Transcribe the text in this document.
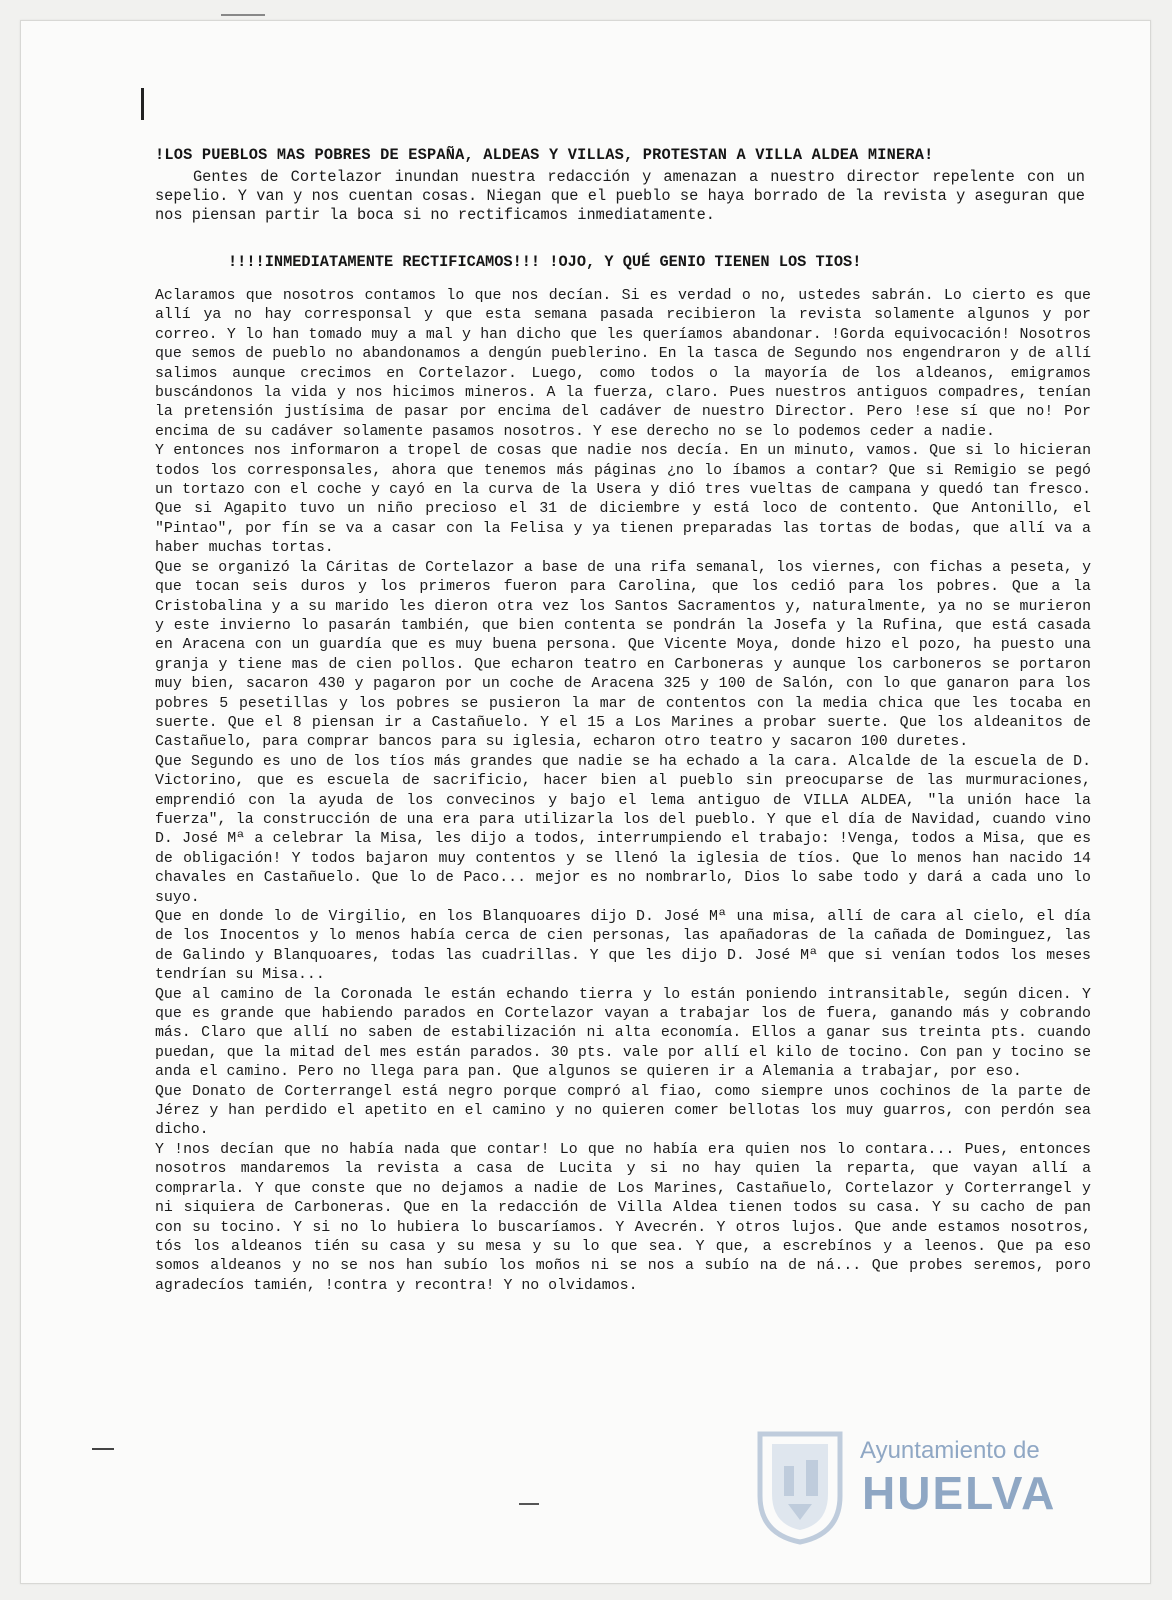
!LOS PUEBLOS MAS POBRES DE ESPAÑA, ALDEAS Y VILLAS, PROTESTAN A VILLA ALDEA MINERA!
Gentes de Cortelazor inundan nuestra redacción y amenazan a nuestro director repelente con un sepelio. Y van y nos cuentan cosas. Niegan que el pueblo se haya borrado de la revista y aseguran que nos piensan partir la boca si no rectificamos inmediatamente.
!!!!INMEDIATAMENTE RECTIFICAMOS!!! !OJO, Y QUÉ GENIO TIENEN LOS TIOS!

Aclaramos que nosotros contamos lo que nos decían. Si es verdad o no, ustedes sabrán. Lo cierto es que allí ya no hay corresponsal y que esta semana pasada recibieron la revista solamente algunos y por correo. Y lo han tomado muy a mal y han dicho que les queríamos abandonar. !Gorda equivocación! Nosotros que semos de pueblo no abandonamos a dengún pueblerino. En la tasca de Segundo nos engendraron y de allí salimos aunque crecimos en Cortelazor. Luego, como todos o la mayoría de los aldeanos, emigramos buscándonos la vida y nos hicimos mineros. A la fuerza, claro. Pues nuestros antiguos compadres, tenían la pretensión justísima de pasar por encima del cadáver de nuestro Director. Pero !ese sí que no! Por encima de su cadáver solamente pasamos nosotros. Y ese derecho no se lo podemos ceder a nadie.

Y entonces nos informaron a tropel de cosas que nadie nos decía. En un minuto, vamos. Que si lo hicieran todos los corresponsales, ahora que tenemos más páginas ¿no lo íbamos a contar? Que si Remigio se pegó un tortazo con el coche y cayó en la curva de la Usera y dió tres vueltas de campana y quedó tan fresco. Que si Agapito tuvo un niño precioso el 31 de diciembre y está loco de contento. Que Antonillo, el "Pintao", por fín se va a casar con la Felisa y ya tienen preparadas las tortas de bodas, que allí va a haber muchas tortas.

Que se organizó la Cáritas de Cortelazor a base de una rifa semanal, los viernes, con fichas a peseta, y que tocan seis duros y los primeros fueron para Carolina, que los cedió para los pobres. Que a la Cristobalina y a su marido les dieron otra vez los Santos Sacramentos y, naturalmente, ya no se murieron y este invierno lo pasarán también, que bien contenta se pondrán la Josefa y la Rufina, que está casada en Aracena con un guardía que es muy buena persona. Que Vicente Moya, donde hizo el pozo, ha puesto una granja y tiene mas de cien pollos. Que echaron teatro en Carboneras y aunque los carboneros se portaron muy bien, sacaron 430 y pagaron por un coche de Aracena 325 y 100 de Salón, con lo que ganaron para los pobres 5 pesetillas y los pobres se pusieron la mar de contentos con la media chica que les tocaba en suerte. Que el 8 piensan ir a Castañuelo. Y el 15 a Los Marines a probar suerte. Que los aldeanitos de Castañuelo, para comprar bancos para su iglesia, echaron otro teatro y sacaron 100 duretes.

Que Segundo es uno de los tíos más grandes que nadie se ha echado a la cara. Alcalde de la escuela de D. Victorino, que es escuela de sacrificio, hacer bien al pueblo sin preocuparse de las murmuraciones, emprendió con la ayuda de los convecinos y bajo el lema antiguo de VILLA ALDEA, "la unión hace la fuerza", la construcción de una era para utilizarla los del pueblo. Y que el día de Navidad, cuando vino D. José Mª a celebrar la Misa, les dijo a todos, interrumpiendo el trabajo: !Venga, todos a Misa, que es de obligación! Y todos bajaron muy contentos y se llenó la iglesia de tíos. Que lo menos han nacido 14 chavales en Castañuelo. Que lo de Paco... mejor es no nombrarlo, Dios lo sabe todo y dará a cada uno lo suyo.

Que en donde lo de Virgilio, en los Blanquoares dijo D. José Mª una misa, allí de cara al cielo, el día de los Inocentos y lo menos había cerca de cien personas, las apañadoras de la cañada de Dominguez, las de Galindo y Blanquoares, todas las cuadrillas. Y que les dijo D. José Mª que si venían todos los meses tendrían su Misa...

Que al camino de la Coronada le están echando tierra y lo están poniendo intransitable, según dicen. Y que es grande que habiendo parados en Cortelazor vayan a trabajar los de fuera, ganando más y cobrando más. Claro que allí no saben de estabilización ni alta economía. Ellos a ganar sus treinta pts. cuando puedan, que la mitad del mes están parados. 30 pts. vale por allí el kilo de tocino. Con pan y tocino se anda el camino. Pero no llega para pan. Que algunos se quieren ir a Alemania a trabajar, por eso.

Que Donato de Corterrangel está negro porque compró al fiao, como siempre unos cochinos de la parte de Jérez y han perdido el apetito en el camino y no quieren comer bellotas los muy guarros, con perdón sea dicho.

Y !nos decían que no había nada que contar! Lo que no había era quien nos lo contara... Pues, entonces nosotros mandaremos la revista a casa de Lucita y si no hay quien la reparta, que vayan allí a comprarla. Y que conste que no dejamos a nadie de Los Marines, Castañuelo, Cortelazor y Corterrangel y ni siquiera de Carboneras. Que en la redacción de Villa Aldea tienen todos su casa. Y su cacho de pan con su tocino. Y si no lo hubiera lo buscaríamos. Y Avecrén. Y otros lujos. Que ande estamos nosotros, tós los aldeanos tién su casa y su mesa y su lo que sea. Y que, a escrebínos y a leenos. Que pa eso somos aldeanos y no se nos han subío los moños ni se nos a subío na de ná... Que probes seremos, poro agradecíos tamién, !contra y recontra! Y no olvidamos.

Ayuntamiento de
HUELVA
